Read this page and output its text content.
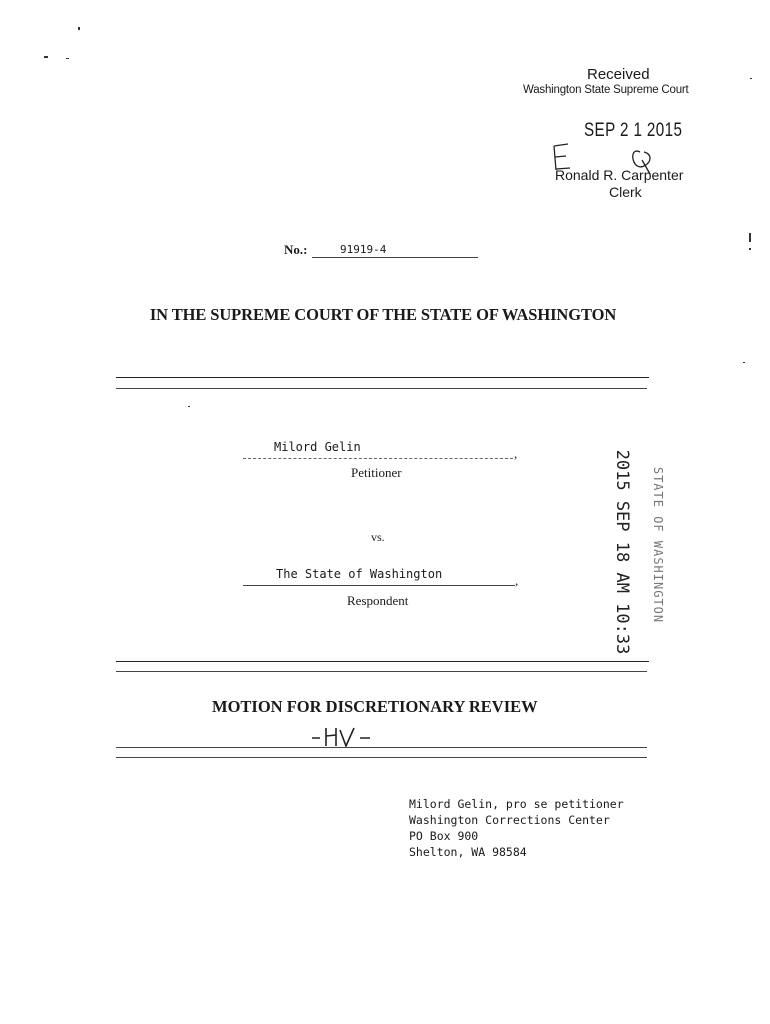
Received
Washington State Supreme Court
SEP 2 1 2015
Ronald R. Carpenter
Clerk
No.:	91919-4
IN THE SUPREME COURT OF THE STATE OF WASHINGTON
Milord Gelin	,
Petitioner
vs.
The State of Washington	,
Respondent	2015 SEP 18 AM 10:33 STATE OF WASHINGTON
MOTION FOR DISCRETIONARY REVIEW
Milord Gelin, pro se petitioner
Washington Corrections Center
PO Box 900
Shelton, WA 98584
